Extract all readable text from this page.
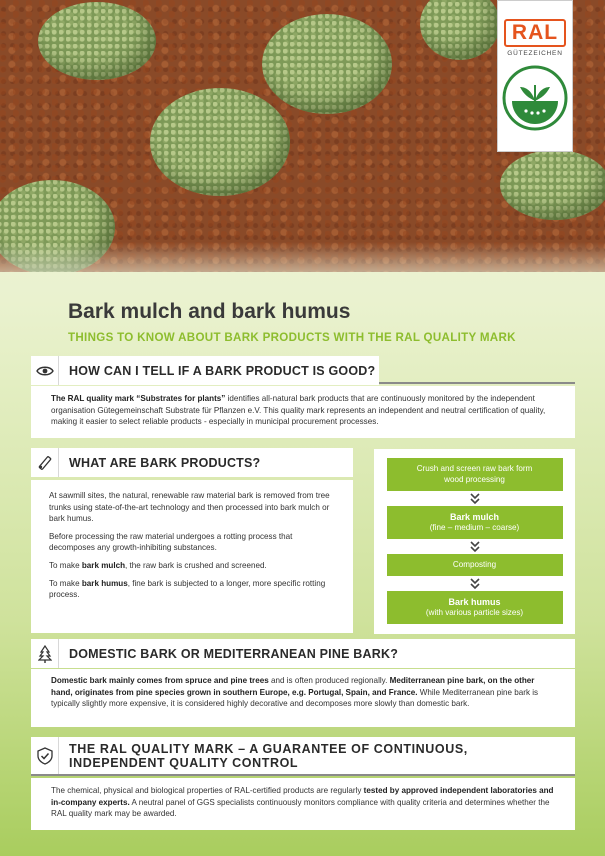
RAL
GÜTEZEICHEN
Bark mulch and bark humus
THINGS TO KNOW ABOUT BARK PRODUCTS WITH THE RAL QUALITY MARK
HOW CAN I TELL IF A BARK PRODUCT IS GOOD?

The RAL quality mark “Substrates for plants” identifies all-natural bark products that are continuously monitored by the independent organisation Gütegemeinschaft Substrate für Pflanzen e.V. This quality mark represents an independent and neutral certification of quality, making it easier to select reliable products - especially in municipal procurement processes.

WHAT ARE BARK PRODUCTS?

At sawmill sites, the natural, renewable raw material bark is removed from tree trunks using state-of-the-art technology and then processed into bark mulch or bark humus.

Before processing the raw material undergoes a rotting process that decomposes any growth-inhibiting substances.

To make bark mulch, the raw bark is crushed and screened.

To make bark humus, fine bark is subjected to a longer, more specific rotting process.

Crush and screen raw bark form
wood processing
Bark mulch
(fine – medium – coarse)
Composting
Bark humus
(with various particle sizes)
DOMESTIC BARK OR MEDITERRANEAN PINE BARK?

Domestic bark mainly comes from spruce and pine trees and is often produced regionally. Mediterranean pine bark, on the other hand, originates from pine species grown in southern Europe, e.g. Portugal, Spain, and France. While Mediterranean pine bark is typically slightly more expensive, it is considered highly decorative and decomposes more slowly than domestic bark.

THE RAL QUALITY MARK – A GUARANTEE OF CONTINUOUS,
INDEPENDENT QUALITY CONTROL

The chemical, physical and biological properties of RAL-certified products are regularly tested by approved independent laboratories and in-company experts. A neutral panel of GGS specialists continuously monitors compliance with quality criteria and determines whether the RAL quality mark may be awarded.
